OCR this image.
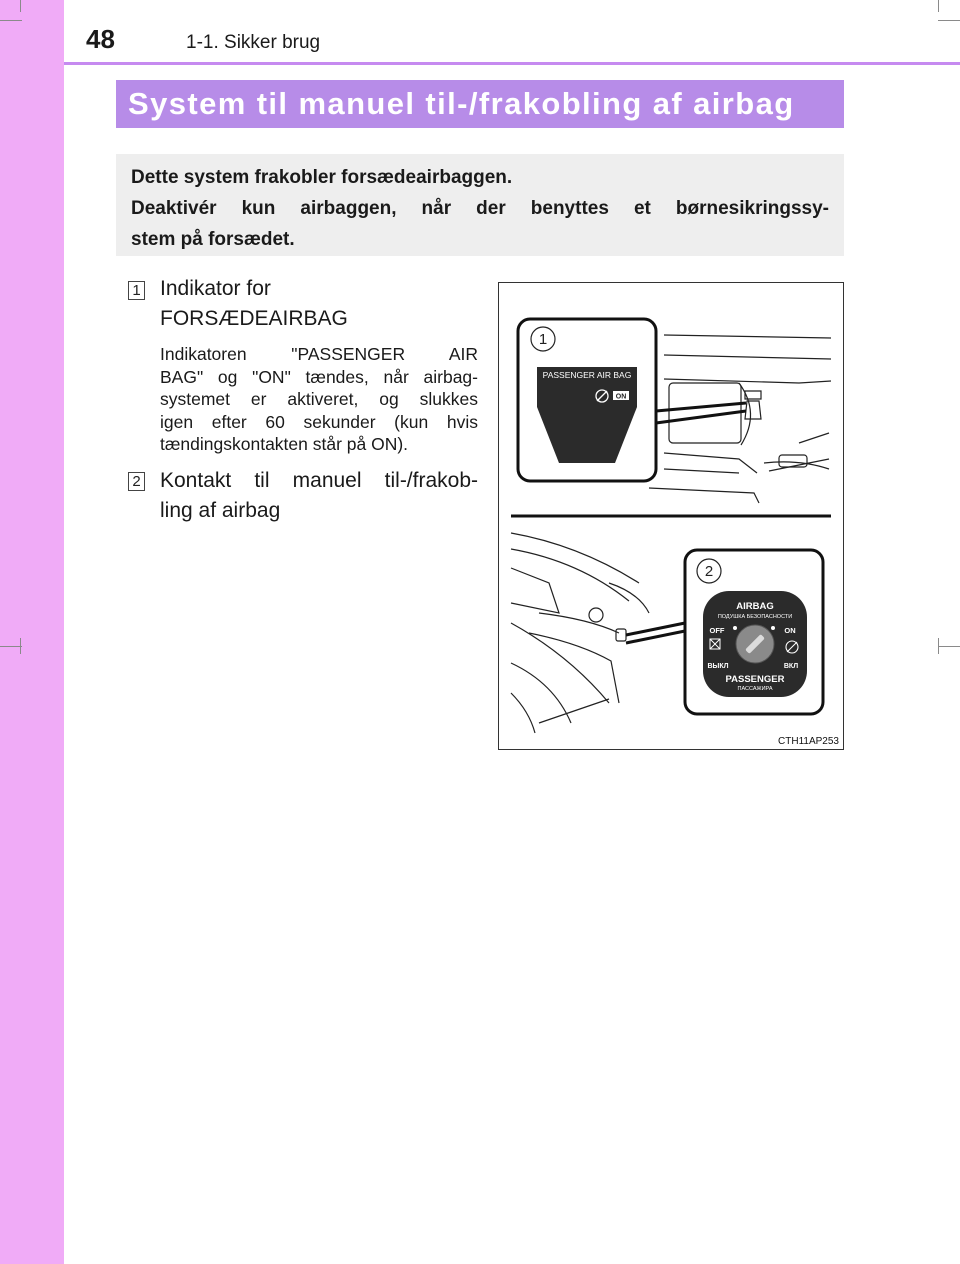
48	1-1. Sikker brug
System til manuel til-/frakobling af airbag
Dette system frakobler forsædeairbaggen.
Deaktivér kun airbaggen, når der benyttes et børnesikringssy-
stem på forsædet.
1 Indikator for
FORSÆDEAIRBAG
Indikatoren "PASSENGER AIR
BAG" og "ON" tændes, når airbag-
systemet er aktiveret, og slukkes
igen efter 60 sekunder (kun hvis
tændingskontakten står på ON).
2 Kontakt til manuel til-/frakob-
ling af airbag
1
PASSENGER AIR BAG
ON
2
AIRBAG
ПОДУШКА БЕЗОПАСНОСТИ
OFF	ON
ВЫКЛ	ВКЛ
PASSENGER
ПАССАЖИРА
CTH11AP253
